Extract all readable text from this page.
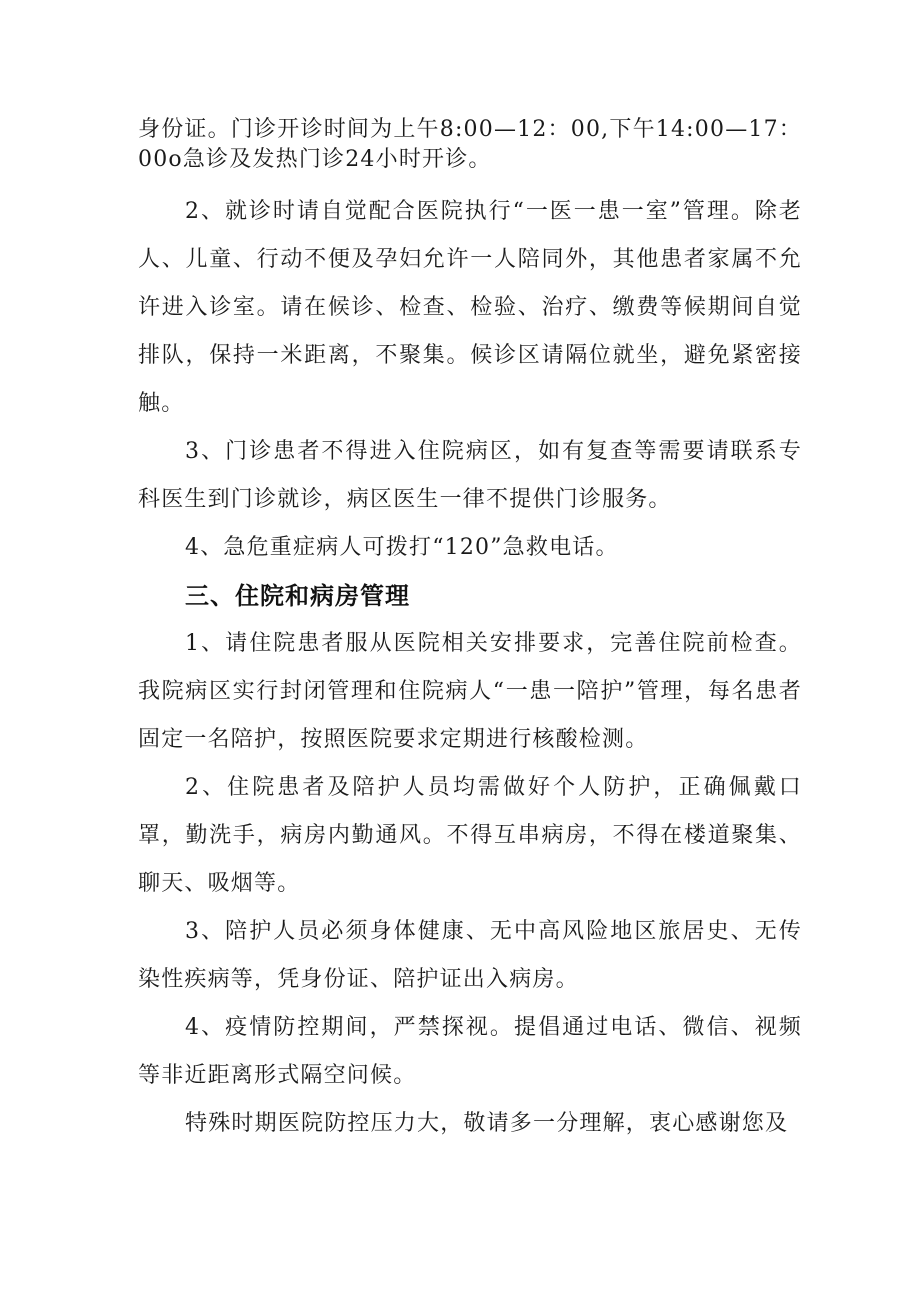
身份证。门诊开诊时间为上午8:00—12：00,下午14:00—17：00o急诊及发热门诊24小时开诊。

2、就诊时请自觉配合医院执行“一医一患一室”管理。除老人、儿童、行动不便及孕妇允许一人陪同外，其他患者家属不允许进入诊室。请在候诊、检查、检验、治疗、缴费等候期间自觉排队，保持一米距离，不聚集。候诊区请隔位就坐，避免紧密接触。

3、门诊患者不得进入住院病区，如有复查等需要请联系专科医生到门诊就诊，病区医生一律不提供门诊服务。

4、急危重症病人可拨打“120”急救电话。

三、住院和病房管理

1、请住院患者服从医院相关安排要求，完善住院前检查。我院病区实行封闭管理和住院病人“一患一陪护”管理，每名患者固定一名陪护，按照医院要求定期进行核酸检测。

2、住院患者及陪护人员均需做好个人防护，正确佩戴口罩，勤洗手，病房内勤通风。不得互串病房，不得在楼道聚集、聊天、吸烟等。

3、陪护人员必须身体健康、无中高风险地区旅居史、无传染性疾病等，凭身份证、陪护证出入病房。

4、疫情防控期间，严禁探视。提倡通过电话、微信、视频等非近距离形式隔空问候。

特殊时期医院防控压力大，敬请多一分理解，衷心感谢您及
